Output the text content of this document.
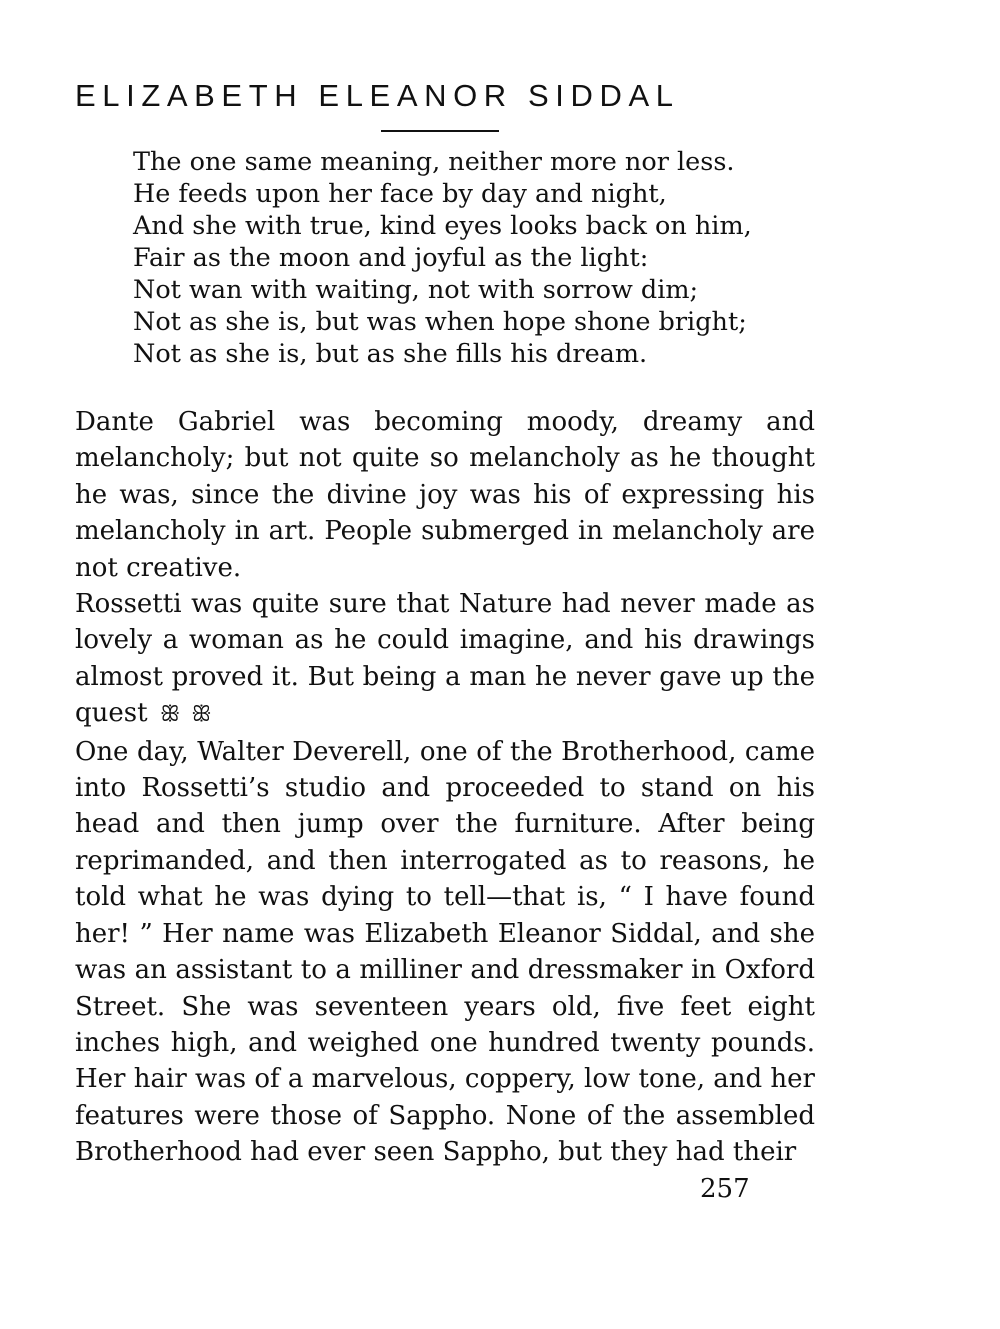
ELIZABETH ELEANOR SIDDAL
The one same meaning, neither more nor less.
He feeds upon her face by day and night,
And she with true, kind eyes looks back on him,
Fair as the moon and joyful as the light:
Not wan with waiting, not with sorrow dim;
Not as she is, but was when hope shone bright;
Not as she is, but as she fills his dream.

Dante Gabriel was becoming moody, dreamy and melancholy; but not quite so melancholy as he thought he was, since the divine joy was his of expressing his melancholy in art. People submerged in melancholy are not creative.

Rossetti was quite sure that Nature had never made as lovely a woman as he could imagine, and his drawings almost proved it. But being a man he never gave up the quest ꕥ ꕥ

One day, Walter Deverell, one of the Brotherhood, came into Rossetti’s studio and proceeded to stand on his head and then jump over the furniture. After being reprimanded, and then interrogated as to reasons, he told what he was dying to tell—that is, “ I have found her! ” Her name was Elizabeth Eleanor Siddal, and she was an assistant to a milliner and dressmaker in Oxford Street. She was seventeen years old, five feet eight inches high, and weighed one hundred twenty pounds. Her hair was of a marvelous, coppery, low tone, and her features were those of Sappho. None of the assembled Brotherhood had ever seen Sappho, but they had their

257
